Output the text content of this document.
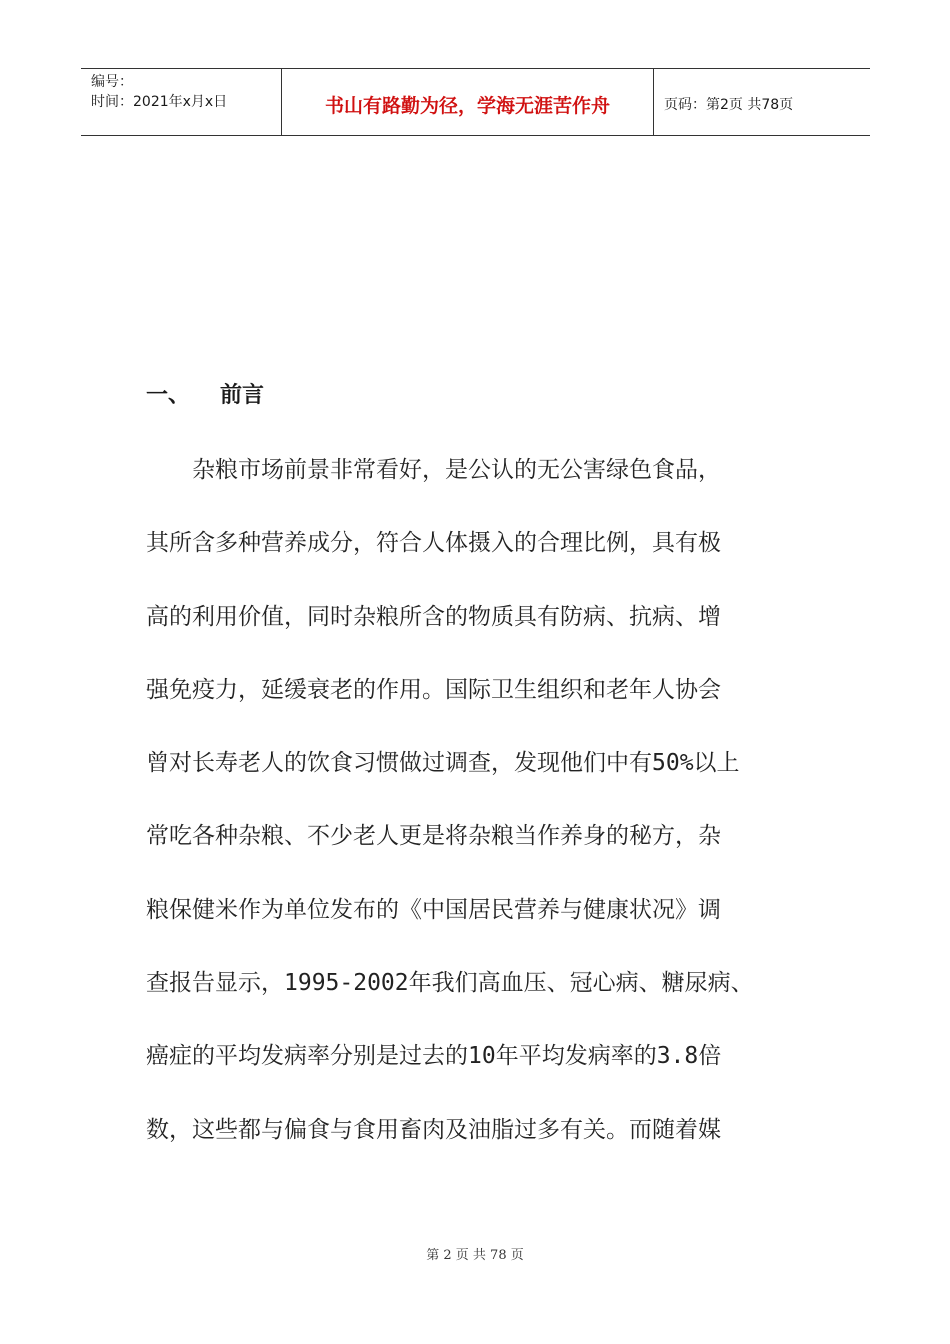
编号：
时间：2021年x月x日	书山有路勤为径，学海无涯苦作舟	页码：第2页 共78页
一、	前言
杂粮市场前景非常看好，是公认的无公害绿色食品，
其所含多种营养成分，符合人体摄入的合理比例，具有极
高的利用价值，同时杂粮所含的物质具有防病、抗病、增
强免疫力，延缓衰老的作用。国际卫生组织和老年人协会
曾对长寿老人的饮食习惯做过调查，发现他们中有50%以上
常吃各种杂粮、不少老人更是将杂粮当作养身的秘方，杂
粮保健米作为单位发布的《中国居民营养与健康状况》调
查报告显示，1995-2002年我们高血压、冠心病、糖尿病、
癌症的平均发病率分别是过去的10年平均发病率的3.8倍
数，这些都与偏食与食用畜肉及油脂过多有关。而随着媒
第 2 页 共 78 页
